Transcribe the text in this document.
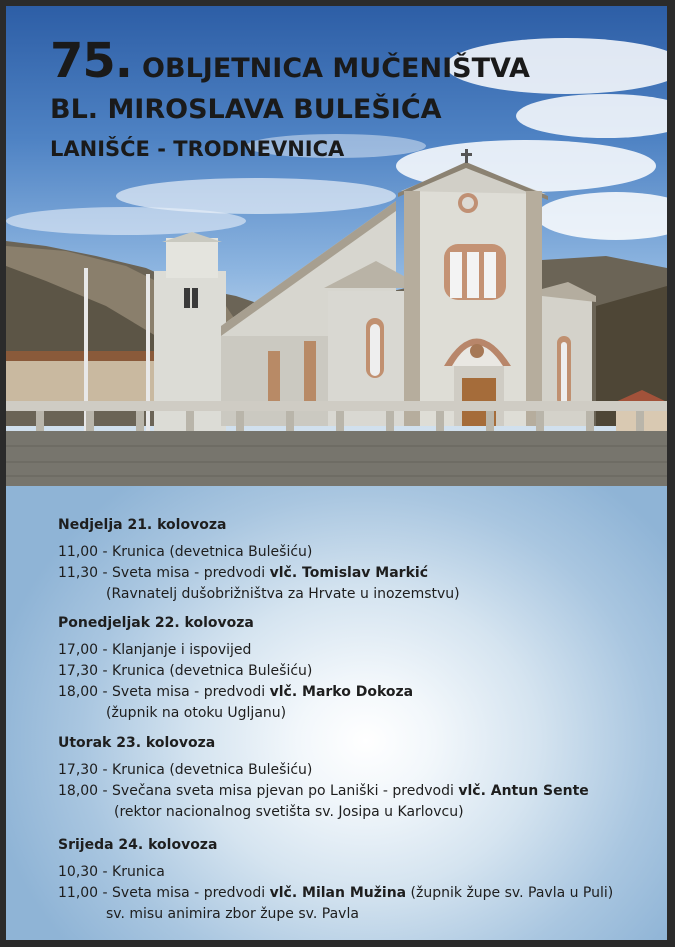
75. OBLJETNICA MUČENIŠTVA
BL. MIROSLAVA BULEŠIĆA
LANIŠĆE - TRODNEVNICA
Nedjelja 21. kolovoza
11,00 - Krunica (devetnica Bulešiću)
11,30 - Sveta misa - predvodi vlč. Tomislav Markić
(Ravnatelj dušobrižništva za Hrvate u inozemstvu)
Ponedjeljak 22. kolovoza
17,00 - Klanjanje i ispovijed
17,30 - Krunica (devetnica Bulešiću)
18,00 - Sveta misa - predvodi vlč. Marko Dokoza
(župnik na otoku Ugljanu)
Utorak 23. kolovoza
17,30 - Krunica (devetnica Bulešiću)
18,00 - Svečana sveta misa pjevan po Laniški - predvodi vlč. Antun Sente
(rektor nacionalnog svetišta sv. Josipa u Karlovcu)
Srijeda 24. kolovoza
10,30 - Krunica
11,00 - Sveta misa - predvodi vlč. Milan Mužina (župnik župe sv. Pavla u Puli)
sv. misu animira zbor župe sv. Pavla
